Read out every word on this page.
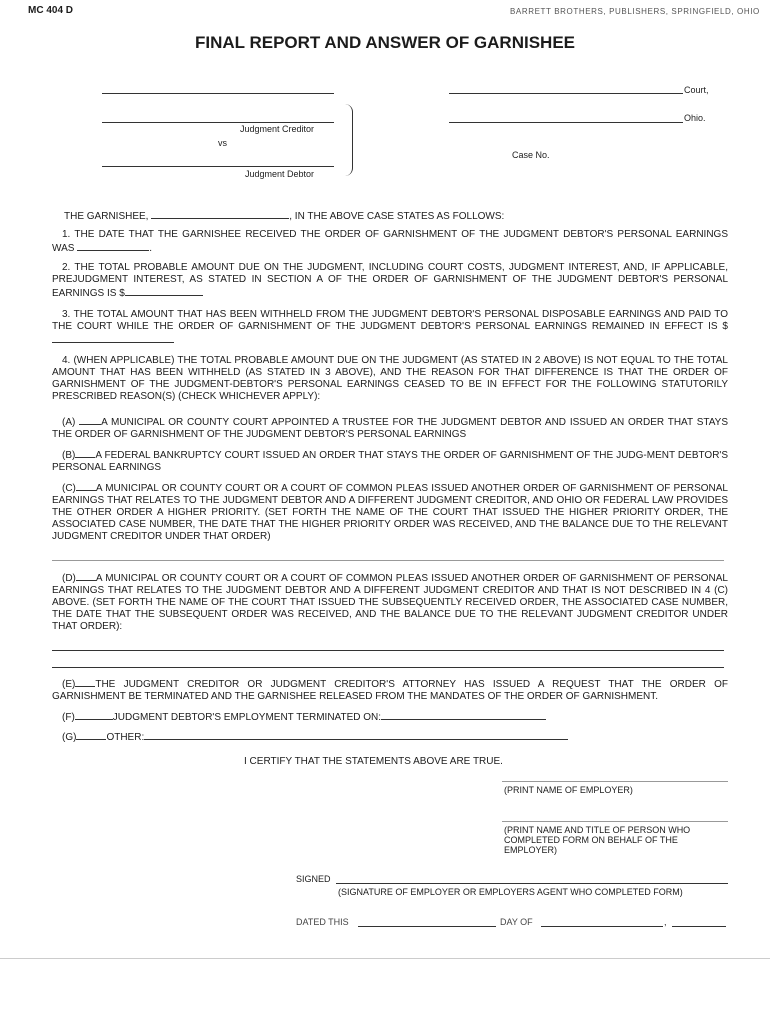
MC 404 D	BARRETT BROTHERS, PUBLISHERS, SPRINGFIELD, OHIO
FINAL REPORT AND ANSWER OF GARNISHEE
Court,
Ohio.
Judgment Creditor
vs
Case No.
Judgment Debtor
THE GARNISHEE,	, IN THE ABOVE CASE STATES AS FOLLOWS:
1. THE DATE THAT THE GARNISHEE RECEIVED THE ORDER OF GARNISHMENT OF THE JUDGMENT DEBTOR'S PERSONAL EARNINGS WAS	.
2. THE TOTAL PROBABLE AMOUNT DUE ON THE JUDGMENT, INCLUDING COURT COSTS, JUDGMENT INTEREST, AND, IF APPLICABLE, PREJUDGMENT INTEREST, AS STATED IN SECTION A OF THE ORDER OF GARNISHMENT OF THE JUDGMENT DEBTOR'S PERSONAL EARNINGS IS $
3. THE TOTAL AMOUNT THAT HAS BEEN WITHHELD FROM THE JUDGMENT DEBTOR'S PERSONAL DISPOSABLE EARNINGS AND PAID TO THE COURT WHILE THE ORDER OF GARNISHMENT OF THE JUDGMENT DEBTOR'S PERSONAL EARNINGS REMAINED IN EFFECT IS $
4. (WHEN APPLICABLE) THE TOTAL PROBABLE AMOUNT DUE ON THE JUDGMENT (AS STATED IN 2 ABOVE) IS NOT EQUAL TO THE TOTAL AMOUNT THAT HAS BEEN WITHHELD (AS STATED IN 3 ABOVE), AND THE REASON FOR THAT DIFFERENCE IS THAT THE ORDER OF GARNISHMENT OF THE JUDGMENT-DEBTOR'S PERSONAL EARNINGS CEASED TO BE IN EFFECT FOR THE FOLLOWING STATUTORILY PRESCRIBED REASON(S) (CHECK WHICHEVER APPLY):
(A)	A MUNICIPAL OR COUNTY COURT APPOINTED A TRUSTEE FOR THE JUDGMENT DEBTOR AND ISSUED AN ORDER THAT STAYS THE ORDER OF GARNISHMENT OF THE JUDGMENT DEBTOR'S PERSONAL EARNINGS
(B) A FEDERAL BANKRUPTCY COURT ISSUED AN ORDER THAT STAYS THE ORDER OF GARNISHMENT OF THE JUDG-MENT DEBTOR'S PERSONAL EARNINGS
(C) A MUNICIPAL OR COUNTY COURT OR A COURT OF COMMON PLEAS ISSUED ANOTHER ORDER OF GARNISHMENT OF PERSONAL EARNINGS THAT RELATES TO THE JUDGMENT DEBTOR AND A DIFFERENT JUDGMENT CREDITOR, AND OHIO OR FEDERAL LAW PROVIDES THE OTHER ORDER A HIGHER PRIORITY. (SET FORTH THE NAME OF THE COURT THAT ISSUED THE HIGHER PRIORITY ORDER, THE ASSOCIATED CASE NUMBER, THE DATE THAT THE HIGHER PRIORITY ORDER WAS RECEIVED, AND THE BALANCE DUE TO THE RELEVANT JUDGMENT CREDITOR UNDER THAT ORDER)
(D) A MUNICIPAL OR COUNTY COURT OR A COURT OF COMMON PLEAS ISSUED ANOTHER ORDER OF GARNISHMENT OF PERSONAL EARNINGS THAT RELATES TO THE JUDGMENT DEBTOR AND A DIFFERENT JUDGMENT CREDITOR AND THAT IS NOT DESCRIBED IN 4 (C) ABOVE. (SET FORTH THE NAME OF THE COURT THAT ISSUED THE SUBSEQUENTLY RECEIVED ORDER, THE ASSOCIATED CASE NUMBER, THE DATE THAT THE SUBSEQUENT ORDER WAS RECEIVED, AND THE BALANCE DUE TO THE RELEVANT JUDGMENT CREDITOR UNDER THAT ORDER):
(E) THE JUDGMENT CREDITOR OR JUDGMENT CREDITOR'S ATTORNEY HAS ISSUED A REQUEST THAT THE ORDER OF GARNISHMENT BE TERMINATED AND THE GARNISHEE RELEASED FROM THE MANDATES OF THE ORDER OF GARNISHMENT.
(F)	JUDGMENT DEBTOR'S EMPLOYMENT TERMINATED ON:
(G)	OTHER:
I CERTIFY THAT THE STATEMENTS ABOVE ARE TRUE.
(PRINT NAME OF EMPLOYER)
(PRINT NAME AND TITLE OF PERSON WHO COMPLETED FORM ON BEHALF OF THE EMPLOYER)
SIGNED
(SIGNATURE OF EMPLOYER OR EMPLOYERS AGENT WHO COMPLETED FORM)
DATED THIS	DAY OF	,
